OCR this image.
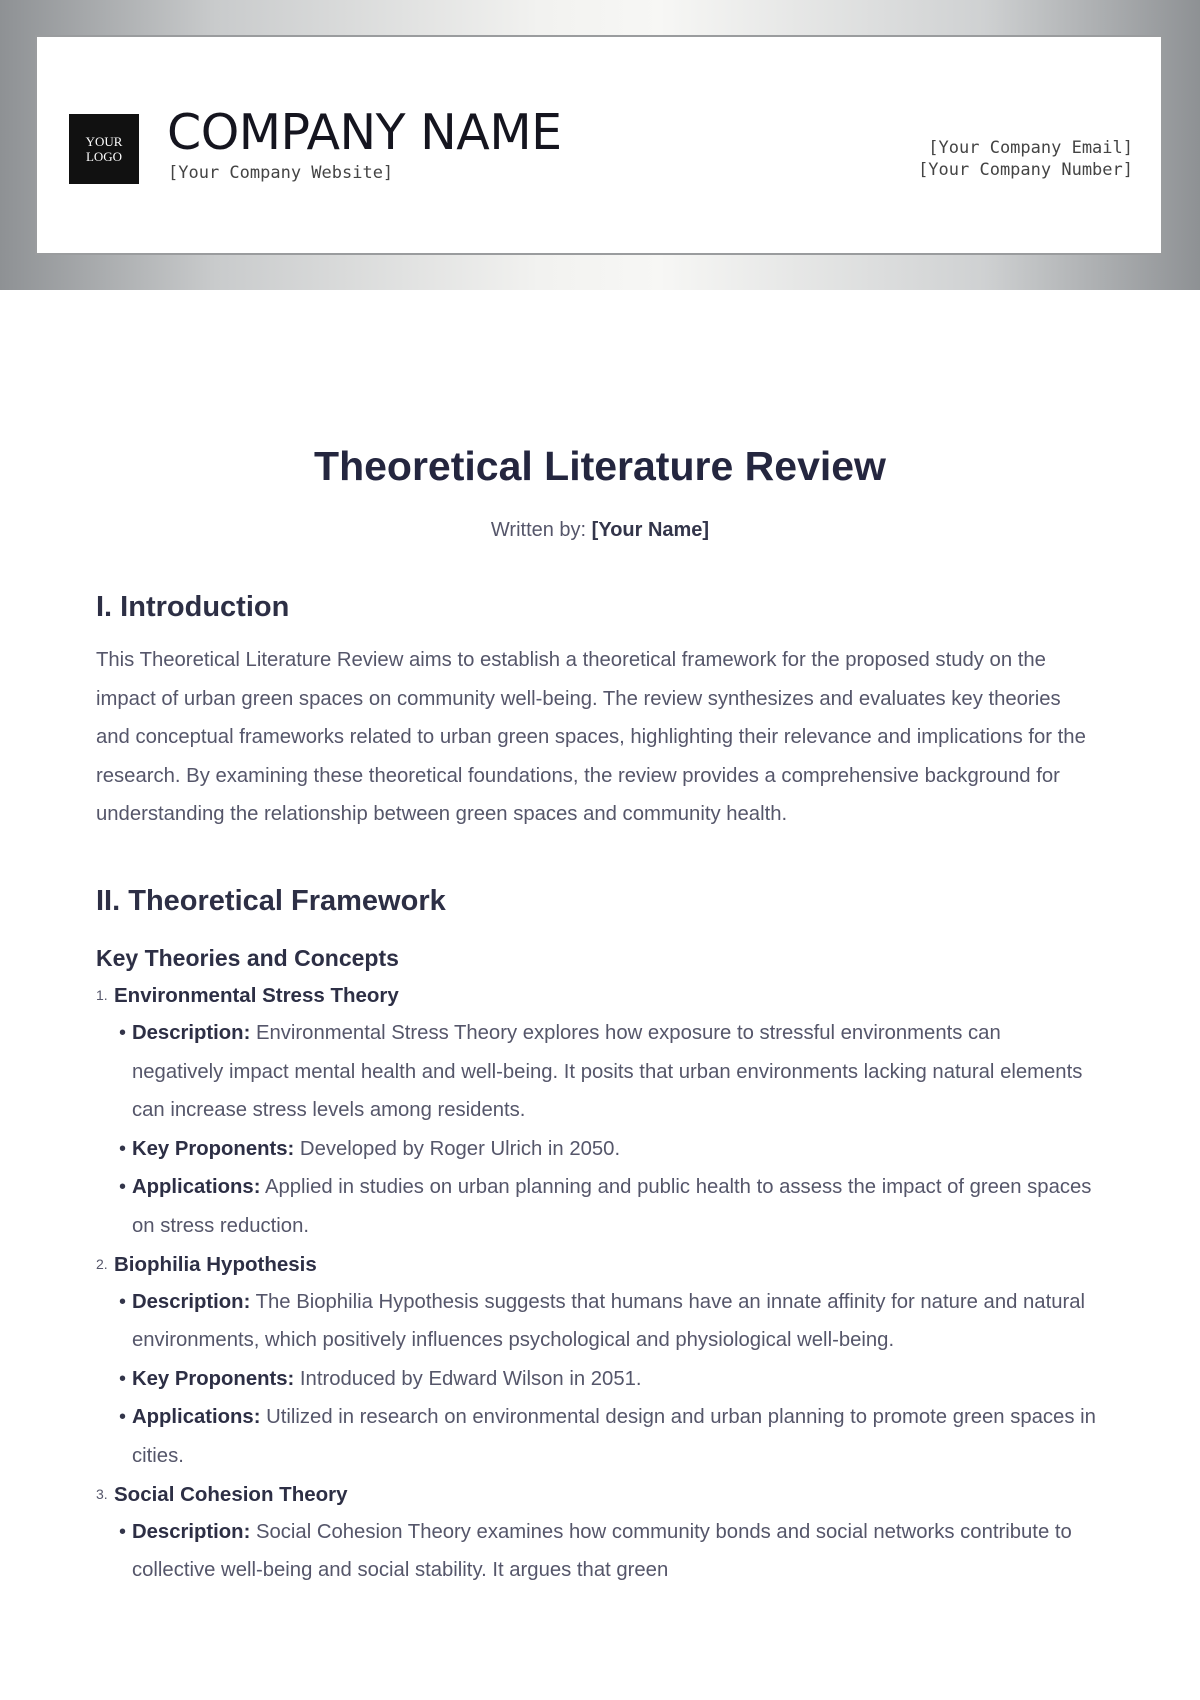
YOUR
LOGO COMPANY NAME
[Your Company Website]
[Your Company Email]
[Your Company Number]
Theoretical Literature Review
Written by: [Your Name]
I. Introduction

This Theoretical Literature Review aims to establish a theoretical framework for the proposed study on the impact of urban green spaces on community well-being. The review synthesizes and evaluates key theories and conceptual frameworks related to urban green spaces, highlighting their relevance and implications for the research. By examining these theoretical foundations, the review provides a comprehensive background for understanding the relationship between green spaces and community health.

II. Theoretical Framework
Key Theories and Concepts
1. Environmental Stress Theory
• Description: Environmental Stress Theory explores how exposure to stressful environments can negatively impact mental health and well-being. It posits that urban environments lacking natural elements can increase stress levels among residents.
• Key Proponents: Developed by Roger Ulrich in 2050.
• Applications: Applied in studies on urban planning and public health to assess the impact of green spaces on stress reduction.
2. Biophilia Hypothesis
• Description: The Biophilia Hypothesis suggests that humans have an innate affinity for nature and natural environments, which positively influences psychological and physiological well-being.
• Key Proponents: Introduced by Edward Wilson in 2051.
• Applications: Utilized in research on environmental design and urban planning to promote green spaces in cities.
3. Social Cohesion Theory
• Description: Social Cohesion Theory examines how community bonds and social networks contribute to collective well-being and social stability. It argues that green
